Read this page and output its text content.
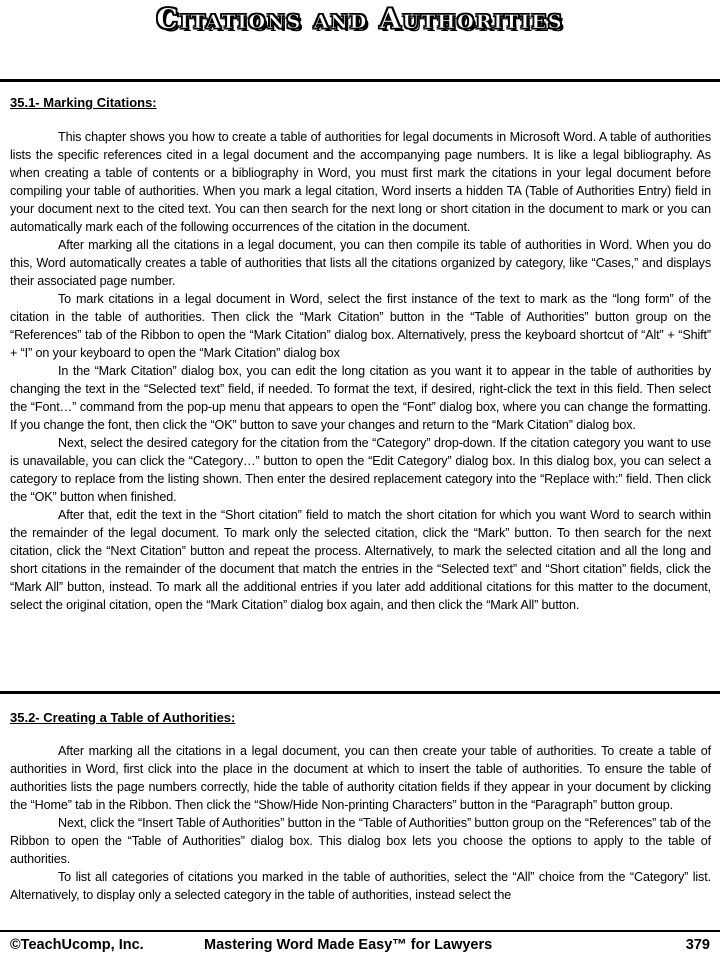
Citations and Authorities
35.1- Marking Citations:

This chapter shows you how to create a table of authorities for legal documents in Microsoft Word. A table of authorities lists the specific references cited in a legal document and the accompanying page numbers. It is like a legal bibliography. As when creating a table of contents or a bibliography in Word, you must first mark the citations in your legal document before compiling your table of authorities. When you mark a legal citation, Word inserts a hidden TA (Table of Authorities Entry) field in your document next to the cited text. You can then search for the next long or short citation in the document to mark or you can automatically mark each of the following occurrences of the citation in the document.

After marking all the citations in a legal document, you can then compile its table of authorities in Word. When you do this, Word automatically creates a table of authorities that lists all the citations organized by category, like “Cases,” and displays their associated page number.

To mark citations in a legal document in Word, select the first instance of the text to mark as the “long form” of the citation in the table of authorities. Then click the “Mark Citation” button in the “Table of Authorities” button group on the “References” tab of the Ribbon to open the “Mark Citation” dialog box. Alternatively, press the keyboard shortcut of “Alt” + “Shift” + “I” on your keyboard to open the “Mark Citation” dialog box

In the “Mark Citation” dialog box, you can edit the long citation as you want it to appear in the table of authorities by changing the text in the “Selected text” field, if needed. To format the text, if desired, right-click the text in this field. Then select the “Font…” command from the pop-up menu that appears to open the “Font” dialog box, where you can change the formatting. If you change the font, then click the “OK” button to save your changes and return to the “Mark Citation” dialog box.

Next, select the desired category for the citation from the “Category” drop-down. If the citation category you want to use is unavailable, you can click the “Category…” button to open the “Edit Category” dialog box. In this dialog box, you can select a category to replace from the listing shown. Then enter the desired replacement category into the “Replace with:” field. Then click the “OK” button when finished.

After that, edit the text in the “Short citation” field to match the short citation for which you want Word to search within the remainder of the legal document. To mark only the selected citation, click the “Mark” button. To then search for the next citation, click the “Next Citation” button and repeat the process. Alternatively, to mark the selected citation and all the long and short citations in the remainder of the document that match the entries in the “Selected text” and “Short citation” fields, click the “Mark All” button, instead. To mark all the additional entries if you later add additional citations for this matter to the document, select the original citation, open the “Mark Citation” dialog box again, and then click the “Mark All” button.

35.2- Creating a Table of Authorities:

After marking all the citations in a legal document, you can then create your table of authorities. To create a table of authorities in Word, first click into the place in the document at which to insert the table of authorities. To ensure the table of authorities lists the page numbers correctly, hide the table of authority citation fields if they appear in your document by clicking the “Home” tab in the Ribbon. Then click the “Show/Hide Non-printing Characters” button in the “Paragraph” button group.

Next, click the “Insert Table of Authorities” button in the “Table of Authorities” button group on the “References” tab of the Ribbon to open the “Table of Authorities” dialog box. This dialog box lets you choose the options to apply to the table of authorities.

To list all categories of citations you marked in the table of authorities, select the “All” choice from the “Category” list. Alternatively, to display only a selected category in the table of authorities, instead select the

©TeachUcomp, Inc.	Mastering Word Made Easy™ for Lawyers	379
